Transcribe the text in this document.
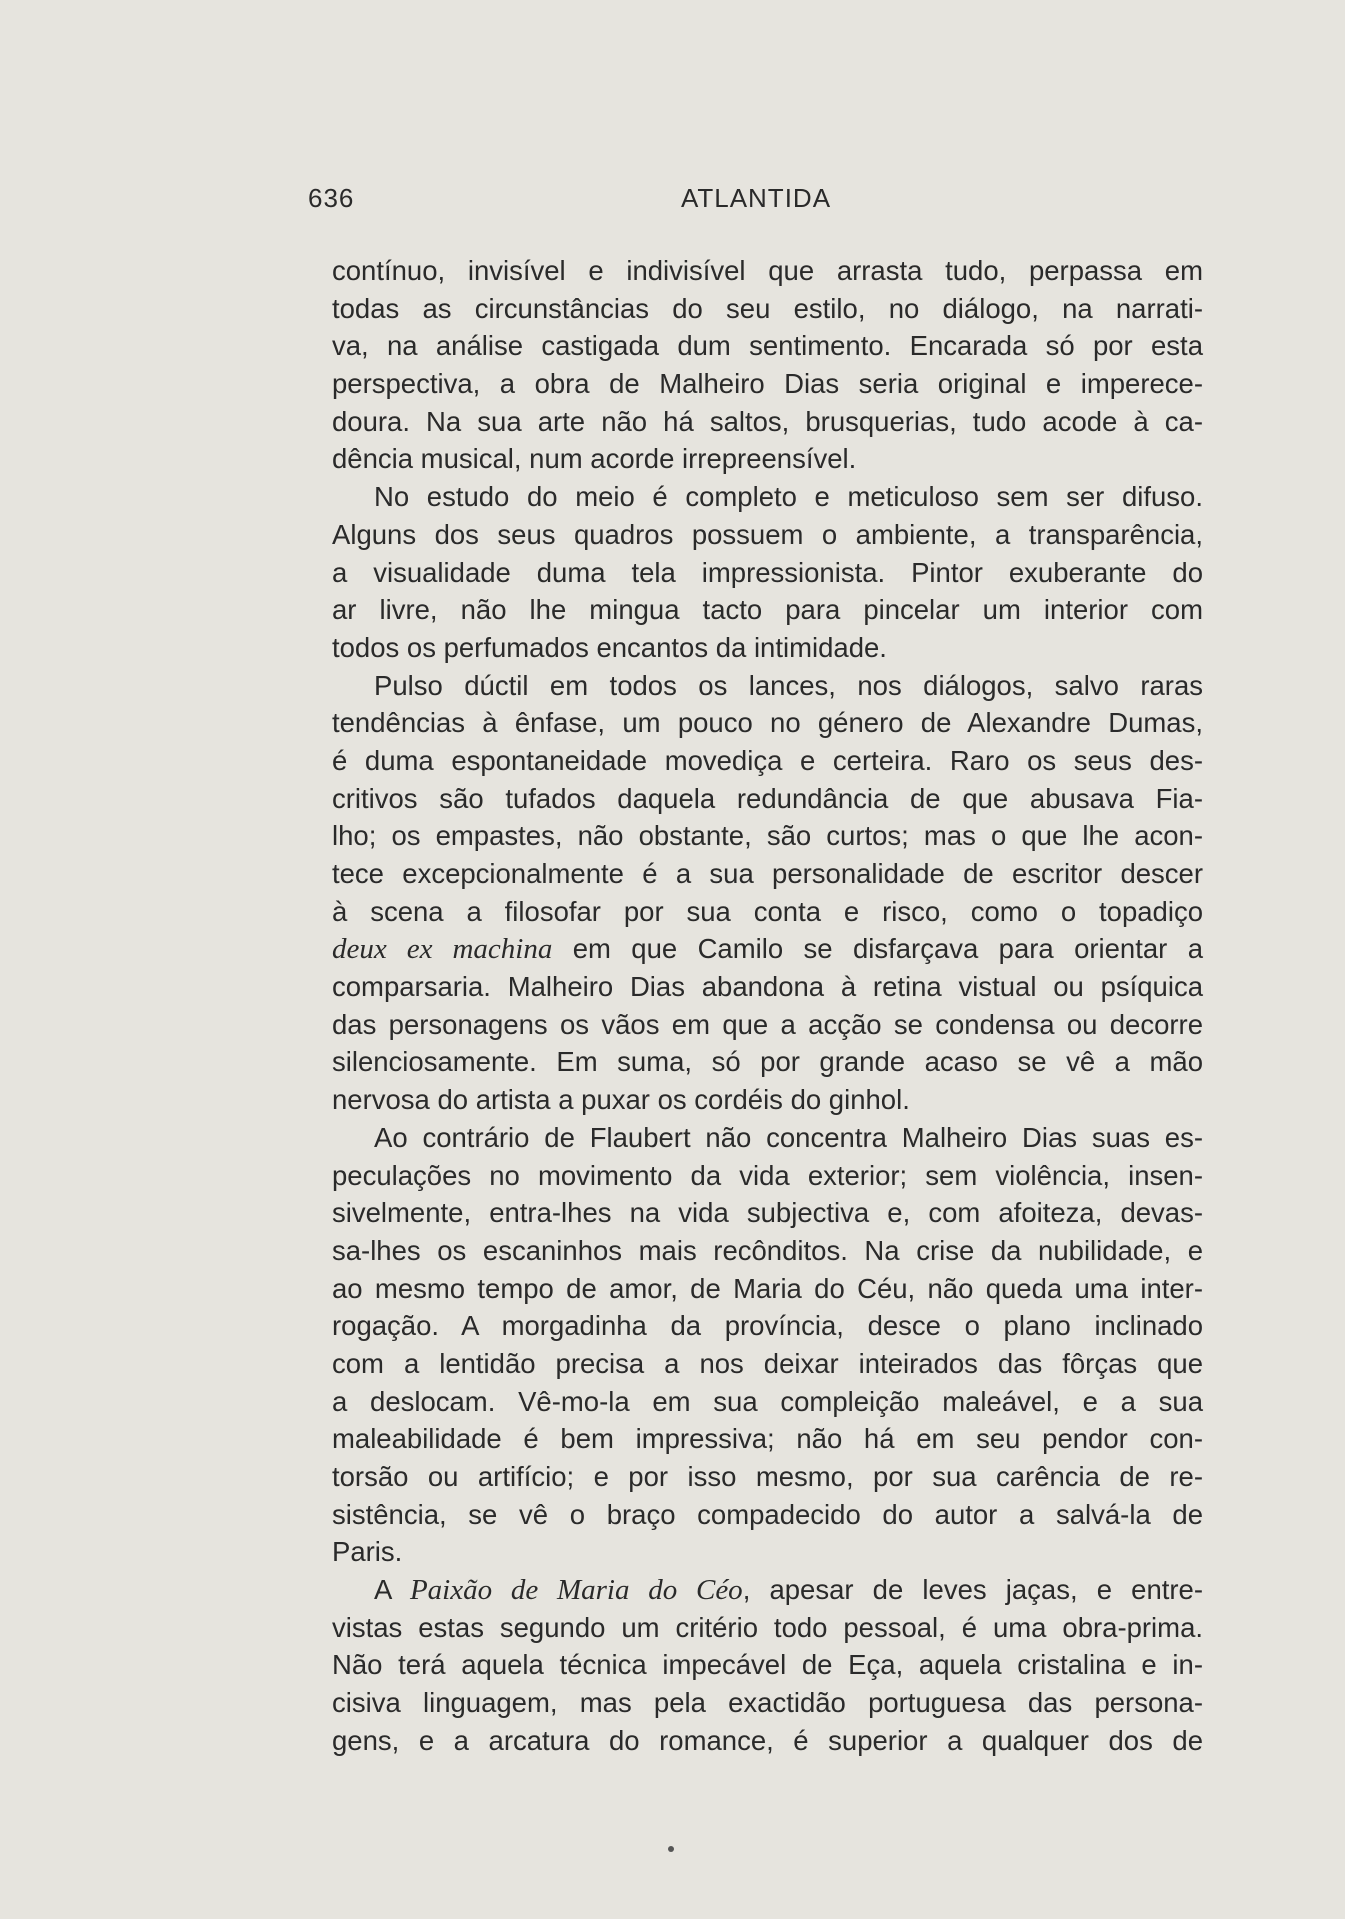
636	ATLANTIDA
contínuo, invisível e indivisível que arrasta tudo, perpassa em
todas as circunstâncias do seu estilo, no diálogo, na narrati-
va, na análise castigada dum sentimento. Encarada só por esta
perspectiva, a obra de Malheiro Dias seria original e imperece-
doura. Na sua arte não há saltos, brusquerias, tudo acode à ca-
dência musical, num acorde irrepreensível.
No estudo do meio é completo e meticuloso sem ser difuso.
Alguns dos seus quadros possuem o ambiente, a transparência,
a visualidade duma tela impressionista. Pintor exuberante do
ar livre, não lhe mingua tacto para pincelar um interior com
todos os perfumados encantos da intimidade.
Pulso dúctil em todos os lances, nos diálogos, salvo raras
tendências à ênfase, um pouco no género de Alexandre Dumas,
é duma espontaneidade movediça e certeira. Raro os seus des-
critivos são tufados daquela redundância de que abusava Fia-
lho; os empastes, não obstante, são curtos; mas o que lhe acon-
tece excepcionalmente é a sua personalidade de escritor descer
à scena a filosofar por sua conta e risco, como o topadiço
deux ex machina em que Camilo se disfarçava para orientar a
comparsaria. Malheiro Dias abandona à retina vistual ou psíquica
das personagens os vãos em que a acção se condensa ou decorre
silenciosamente. Em suma, só por grande acaso se vê a mão
nervosa do artista a puxar os cordéis do ginhol.
Ao contrário de Flaubert não concentra Malheiro Dias suas es-
peculações no movimento da vida exterior; sem violência, insen-
sivelmente, entra-lhes na vida subjectiva e, com afoiteza, devas-
sa-lhes os escaninhos mais recônditos. Na crise da nubilidade, e
ao mesmo tempo de amor, de Maria do Céu, não queda uma inter-
rogação. A morgadinha da província, desce o plano inclinado
com a lentidão precisa a nos deixar inteirados das fôrças que
a deslocam. Vê-mo-la em sua compleição maleável, e a sua
maleabilidade é bem impressiva; não há em seu pendor con-
torsão ou artifício; e por isso mesmo, por sua carência de re-
sistência, se vê o braço compadecido do autor a salvá-la de
Paris.
A Paixão de Maria do Céo, apesar de leves jaças, e entre-
vistas estas segundo um critério todo pessoal, é uma obra-prima.
Não terá aquela técnica impecável de Eça, aquela cristalina e in-
cisiva linguagem, mas pela exactidão portuguesa das persona-
gens, e a arcatura do romance, é superior a qualquer dos de
